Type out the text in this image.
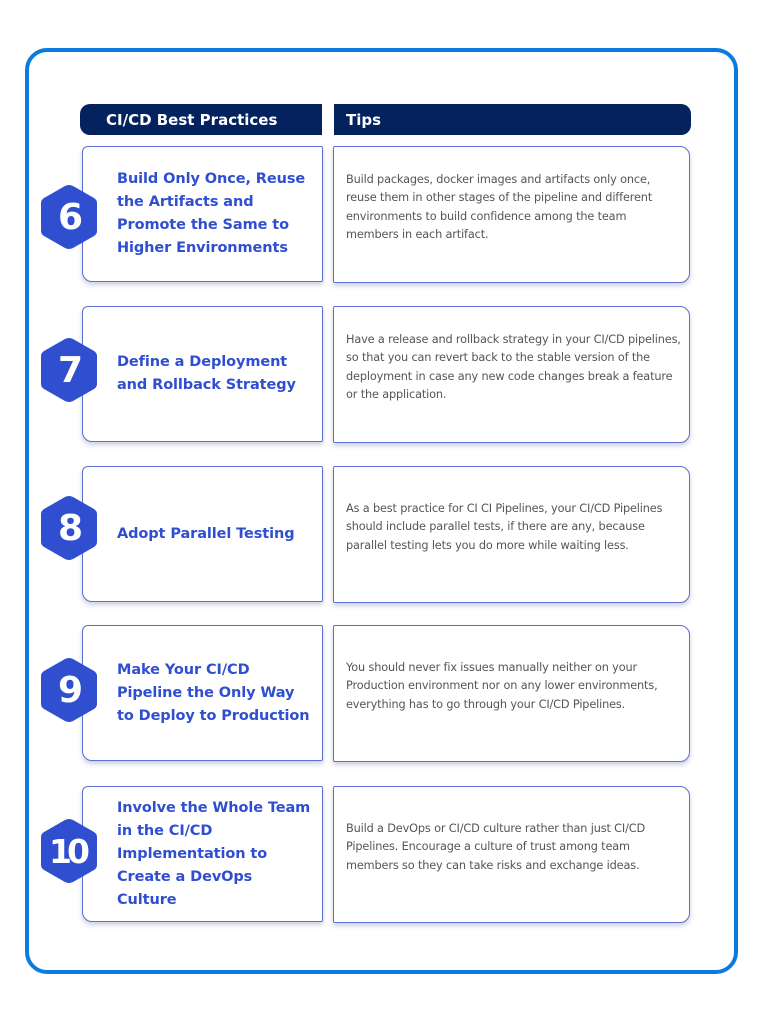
CI/CD Best Practices	Tips
Build Only Once, Reuse the Artifacts and Promote the Same to Higher Environments
Build packages, docker images and artifacts only once, reuse them in other stages of the pipeline and different environments to build confidence among the team members in each artifact.
6
Define a Deployment and Rollback Strategy
Have a release and rollback strategy in your CI/CD pipelines, so that you can revert back to the stable version of the deployment in case any new code changes break a feature or the application.
7
Adopt Parallel Testing
As a best practice for CI CI Pipelines, your CI/CD Pipelines should include parallel tests, if there are any, because parallel testing lets you do more while waiting less.
8
Make Your CI/CD Pipeline the Only Way to Deploy to Production
You should never fix issues manually neither on your Production environment nor on any lower environments, everything has to go through your CI/CD Pipelines.
9
Involve the Whole Team in the CI/CD Implementation to Create a DevOps Culture
Build a DevOps or CI/CD culture rather than just CI/CD Pipelines. Encourage a culture of trust among team members so they can take risks and exchange ideas.
10
